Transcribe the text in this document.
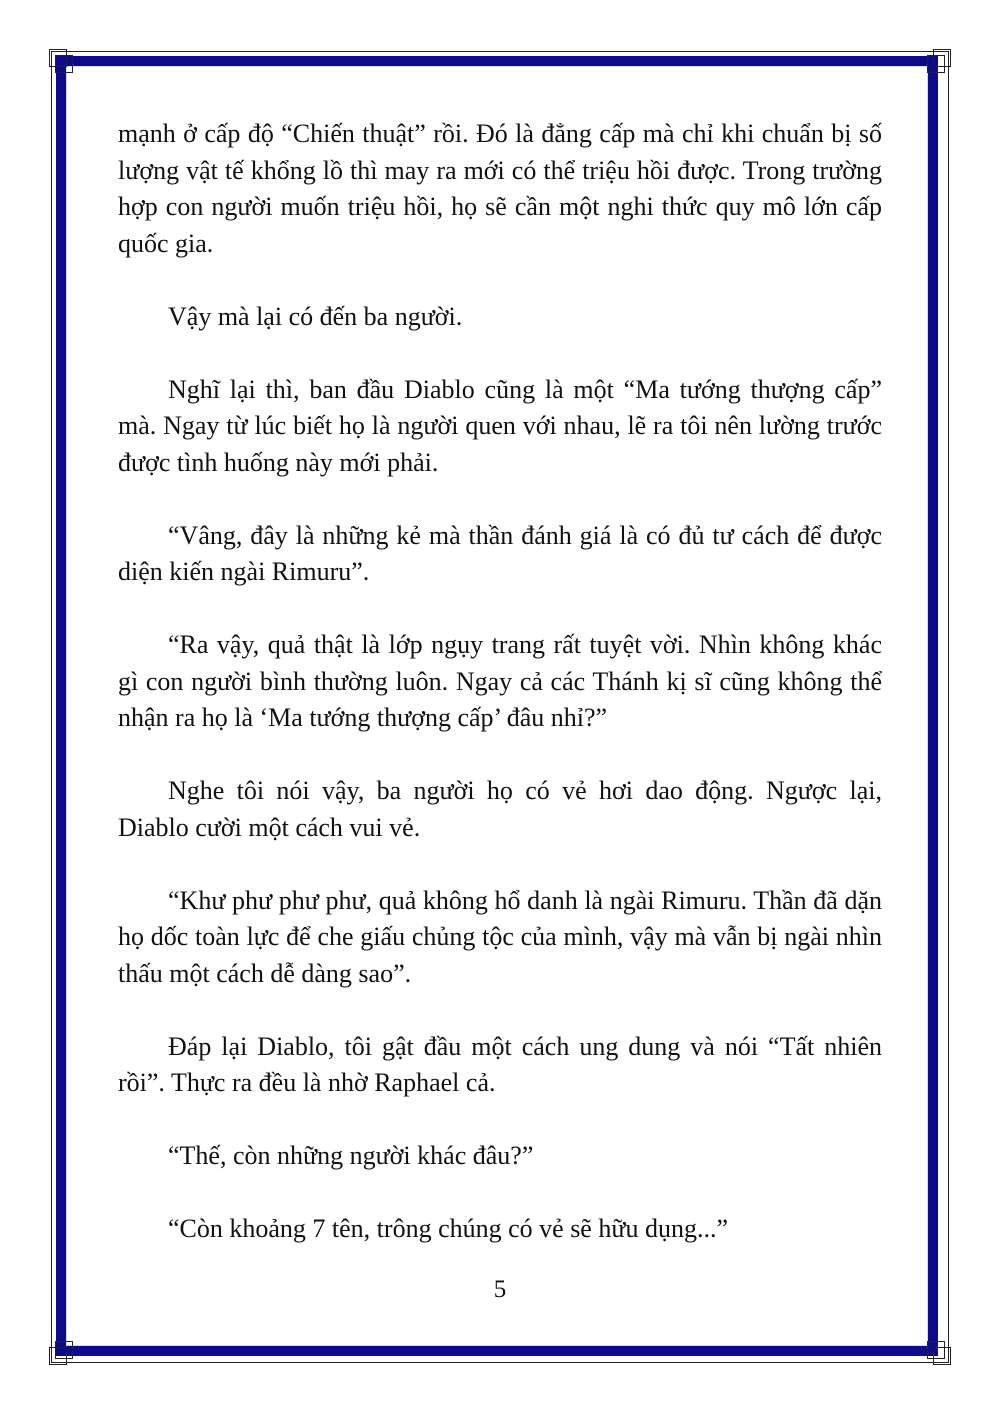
mạnh ở cấp độ “Chiến thuật” rồi. Đó là đẳng cấp mà chỉ khi chuẩn bị số lượng vật tế khổng lồ thì may ra mới có thể triệu hồi được. Trong trường hợp con người muốn triệu hồi, họ sẽ cần một nghi thức quy mô lớn cấp quốc gia.

Vậy mà lại có đến ba người.

Nghĩ lại thì, ban đầu Diablo cũng là một “Ma tướng thượng cấp” mà. Ngay từ lúc biết họ là người quen với nhau, lẽ ra tôi nên lường trước được tình huống này mới phải.

“Vâng, đây là những kẻ mà thần đánh giá là có đủ tư cách để được diện kiến ngài Rimuru”.

“Ra vậy, quả thật là lớp ngụy trang rất tuyệt vời. Nhìn không khác gì con người bình thường luôn. Ngay cả các Thánh kị sĩ cũng không thể nhận ra họ là ‘Ma tướng thượng cấp’ đâu nhỉ?”

Nghe tôi nói vậy, ba người họ có vẻ hơi dao động. Ngược lại, Diablo cười một cách vui vẻ.

“Khư phư phư phư, quả không hổ danh là ngài Rimuru. Thần đã dặn họ dốc toàn lực để che giấu chủng tộc của mình, vậy mà vẫn bị ngài nhìn thấu một cách dễ dàng sao”.

Đáp lại Diablo, tôi gật đầu một cách ung dung và nói “Tất nhiên rồi”. Thực ra đều là nhờ Raphael cả.

“Thế, còn những người khác đâu?”

“Còn khoảng 7 tên, trông chúng có vẻ sẽ hữu dụng...”

5
